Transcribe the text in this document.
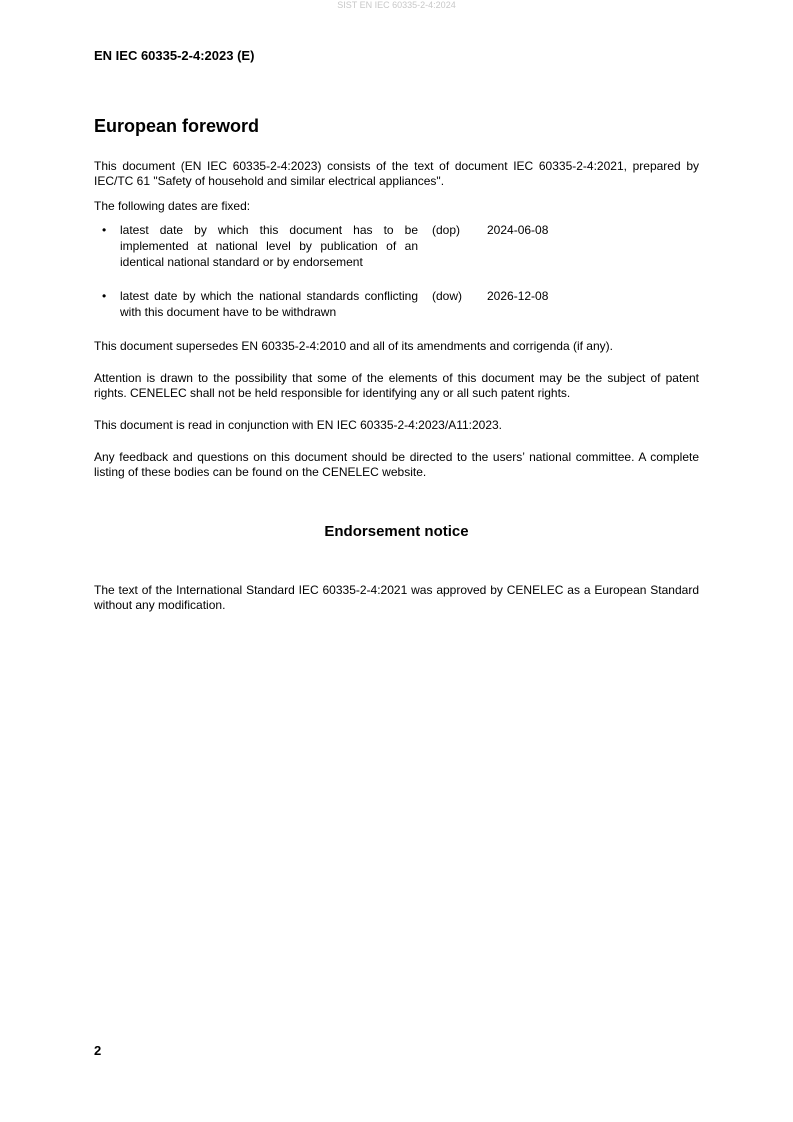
SIST EN IEC 60335-2-4:2024
EN IEC 60335-2-4:2023 (E)
European foreword

This document (EN IEC 60335-2-4:2023) consists of the text of document IEC 60335-2-4:2021, prepared by IEC/TC 61 "Safety of household and similar electrical appliances".

The following dates are fixed:

• latest date by which this document has to be implemented at national level by publication of an identical national standard or by endorsement
(dop) 2024-06-08
• latest date by which the national standards conflicting with this document have to be withdrawn
(dow) 2026-12-08

This document supersedes EN 60335-2-4:2010 and all of its amendments and corrigenda (if any).

Attention is drawn to the possibility that some of the elements of this document may be the subject of patent rights. CENELEC shall not be held responsible for identifying any or all such patent rights.

This document is read in conjunction with EN IEC 60335-2-4:2023/A11:2023.

Any feedback and questions on this document should be directed to the users’ national committee. A complete listing of these bodies can be found on the CENELEC website.

Endorsement notice

The text of the International Standard IEC 60335-2-4:2021 was approved by CENELEC as a European Standard without any modification.

2
